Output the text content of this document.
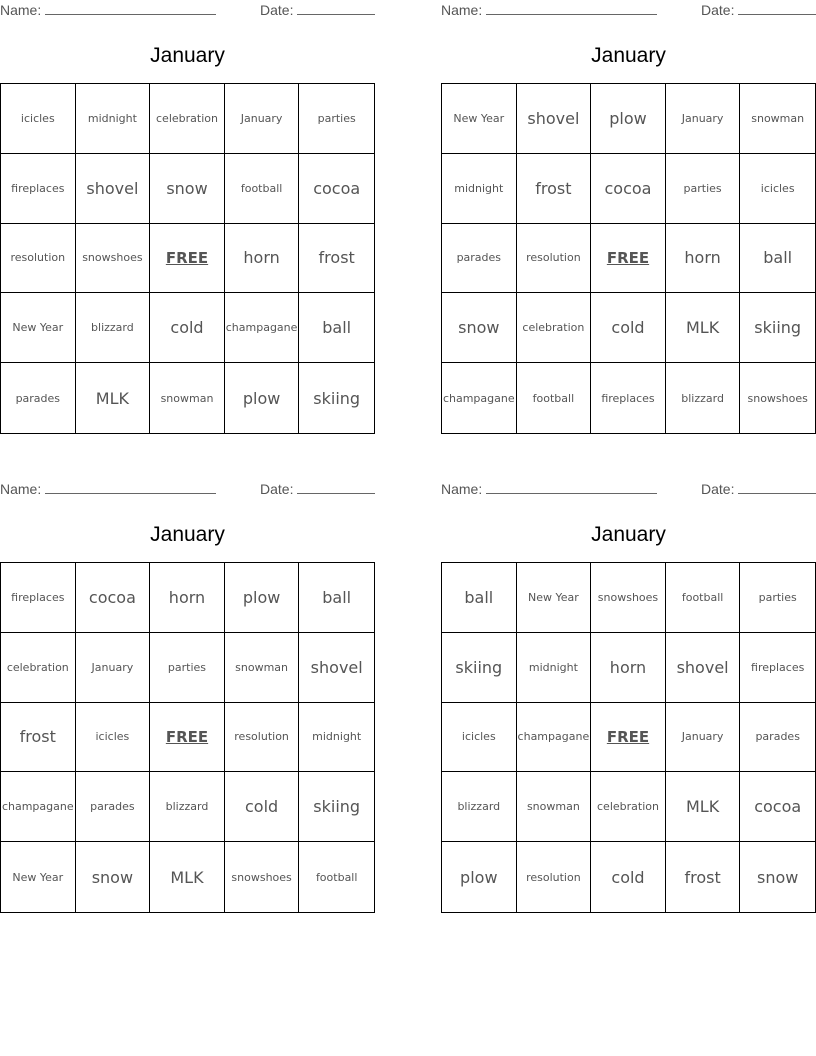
Name:	Date:
January
icicles	midnight	celebration	January	parties
fireplaces	shovel	snow	football	cocoa
resolution	snowshoes	FREE	horn	frost
New Year	blizzard	cold	champagane	ball
parades	MLK	snowman	plow	skiing
Name:	Date:
January
New Year	shovel	plow	January	snowman
midnight	frost	cocoa	parties	icicles
parades	resolution	FREE	horn	ball
snow	celebration	cold	MLK	skiing
champagane	football	fireplaces	blizzard	snowshoes
Name:	Date:
January
fireplaces	cocoa	horn	plow	ball
celebration	January	parties	snowman	shovel
frost	icicles	FREE	resolution	midnight
champagane	parades	blizzard	cold	skiing
New Year	snow	MLK	snowshoes	football
Name:	Date:
January
ball	New Year	snowshoes	football	parties
skiing	midnight	horn	shovel	fireplaces
icicles	champagane	FREE	January	parades
blizzard	snowman	celebration	MLK	cocoa
plow	resolution	cold	frost	snow
